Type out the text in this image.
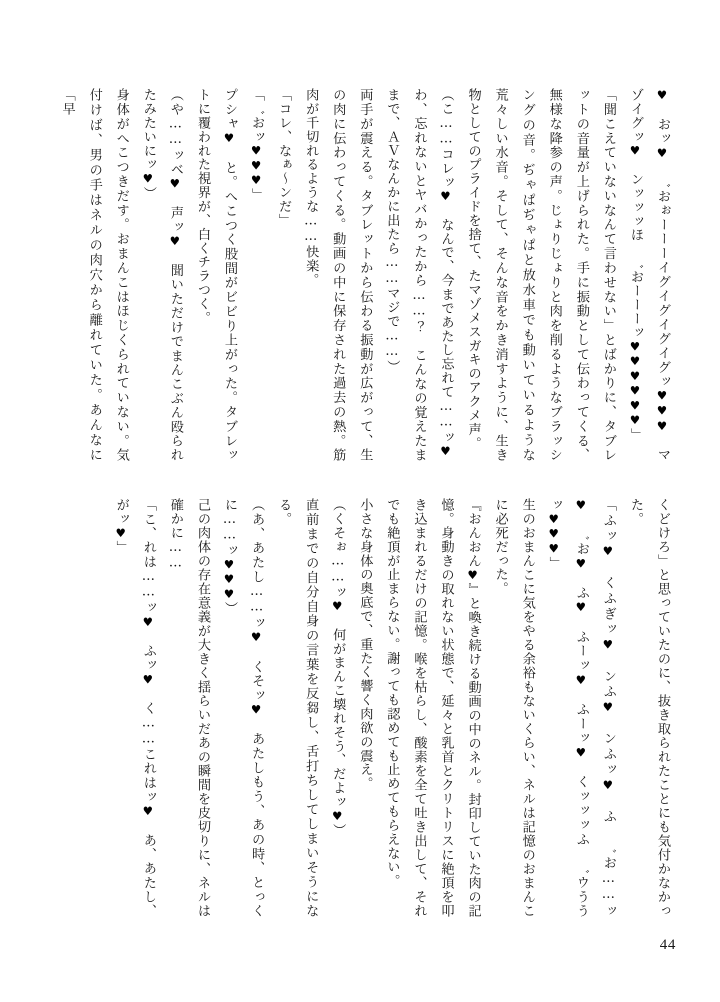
♥　おッ♥　゛おぉーーーイグイグイグイグッ♥♥♥　マゾイグッ♥　ンッッッほ　゛おーーーッ♥♥♥♥♥♥」

「聞こえていないなんて言わせない」とばかりに、タブレットの音量が上げられた。手に振動として伝わってくる、無様な降参の声。じょりじょりと肉を削るようなブラッシングの音。ぢゃぱぢゃぱと放水車でも動いているような荒々しい水音。そして、そんな音をかき消すように、生き物としてのプライドを捨て、たマゾメスガキのアクメ声。

（こ……コレッ♥　なんで、今まであたし忘れて……ッ♥　わ、忘れないとヤバかったから……？　こんなの覚えたままで、ＡＶなんかに出たら……マジで……）

両手が震える。タブレットから伝わる振動が広がって、生の肉に伝わってくる。動画の中に保存された過去の熱。筋肉が千切れるような……快楽。

「コレ、なぁ～ンだ」

「゛おッ♥♥♥」

プシャ♥　と。へこつく股間がビビり上がった。タブレットに覆われた視界が、白くチラつく。

（や……ッベ♥　声ッ♥　聞いただけでまんこぶん殴られたみたいにッ♥）

身体がへこつきだす。おまんこはほじくられていない。気付けば、男の手はネルの肉穴から離れていた。あんなに「早

くどけろ」と思っていたのに、抜き取られたことにも気付かなかった。

「ふッ♥　くふぎッ♥　ンふ♥　ンふッ♥　ふ　゛お……ッ♥　゛お♥　ふ♥　ふーッ♥　ふーッ♥　くッッッふ　゛ウううッ♥♥♥」

生のおまんこに気をやる余裕もないくらい、ネルは記憶のおまんこに必死だった。

『おんおん♥』と喚き続ける動画の中のネル。封印していた肉の記憶。身動きの取れない状態で、延々と乳首とクリトリスに絶頂を叩き込まれるだけの記憶。喉を枯らし、酸素を全て吐き出して、それでも絶頂が止まらない。謝っても認めても止めてもらえない。

小さな身体の奥底で、重たく響く肉欲の震え。

（くそぉ……ッ♥　何がまんこ壊れそう、だよッ♥）

直前までの自分自身の言葉を反芻し、舌打ちしてしまいそうになる。

（あ、あたし……ッ♥　くそッ♥　あたしもう、あの時、とっくに……ッ♥♥♥）

己の肉体の存在意義が大きく揺らいだあの瞬間を皮切りに、ネルは確かに……

「こ、れは……ッ♥　ふッ♥　く……これはッ♥　あ、あたし、がッ♥」

44
